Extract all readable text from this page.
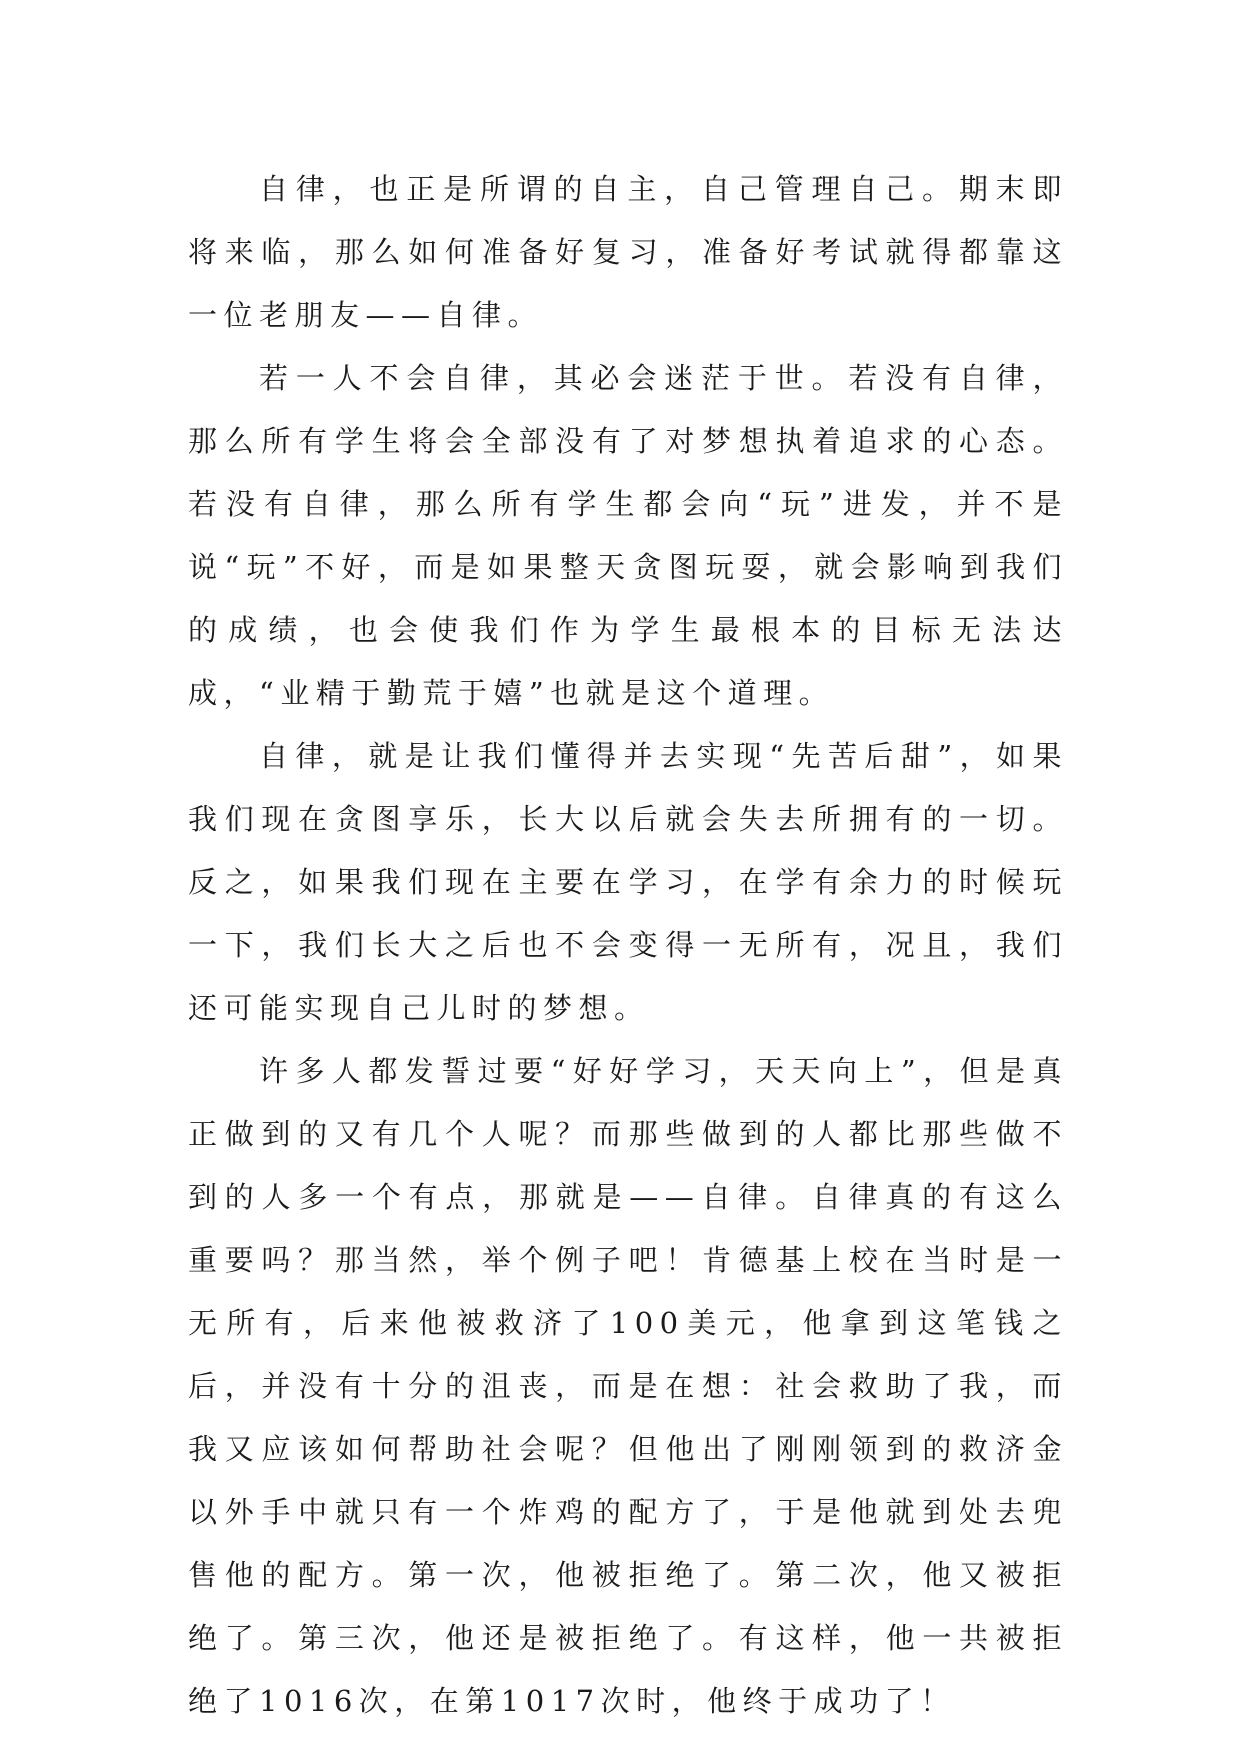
自律，也正是所谓的自主，自己管理自己。期末即将来临，那么如何准备好复习，准备好考试就得都靠这一位老朋友——自律。

若一人不会自律，其必会迷茫于世。若没有自律，那么所有学生将会全部没有了对梦想执着追求的心态。若没有自律，那么所有学生都会向“玩”进发，并不是说“玩”不好，而是如果整天贪图玩耍，就会影响到我们的成绩，也会使我们作为学生最根本的目标无法达成，“业精于勤荒于嬉”也就是这个道理。

自律，就是让我们懂得并去实现“先苦后甜”，如果我们现在贪图享乐，长大以后就会失去所拥有的一切。反之，如果我们现在主要在学习，在学有余力的时候玩一下，我们长大之后也不会变得一无所有，况且，我们还可能实现自己儿时的梦想。

许多人都发誓过要“好好学习，天天向上”，但是真正做到的又有几个人呢？而那些做到的人都比那些做不到的人多一个有点，那就是——自律。自律真的有这么重要吗？那当然，举个例子吧！肯德基上校在当时是一无所有，后来他被救济了100美元，他拿到这笔钱之后，并没有十分的沮丧，而是在想：社会救助了我，而我又应该如何帮助社会呢？但他出了刚刚领到的救济金以外手中就只有一个炸鸡的配方了，于是他就到处去兜售他的配方。第一次，他被拒绝了。第二次，他又被拒绝了。第三次，他还是被拒绝了。有这样，他一共被拒绝了1016次，在第1017次时，他终于成功了！
